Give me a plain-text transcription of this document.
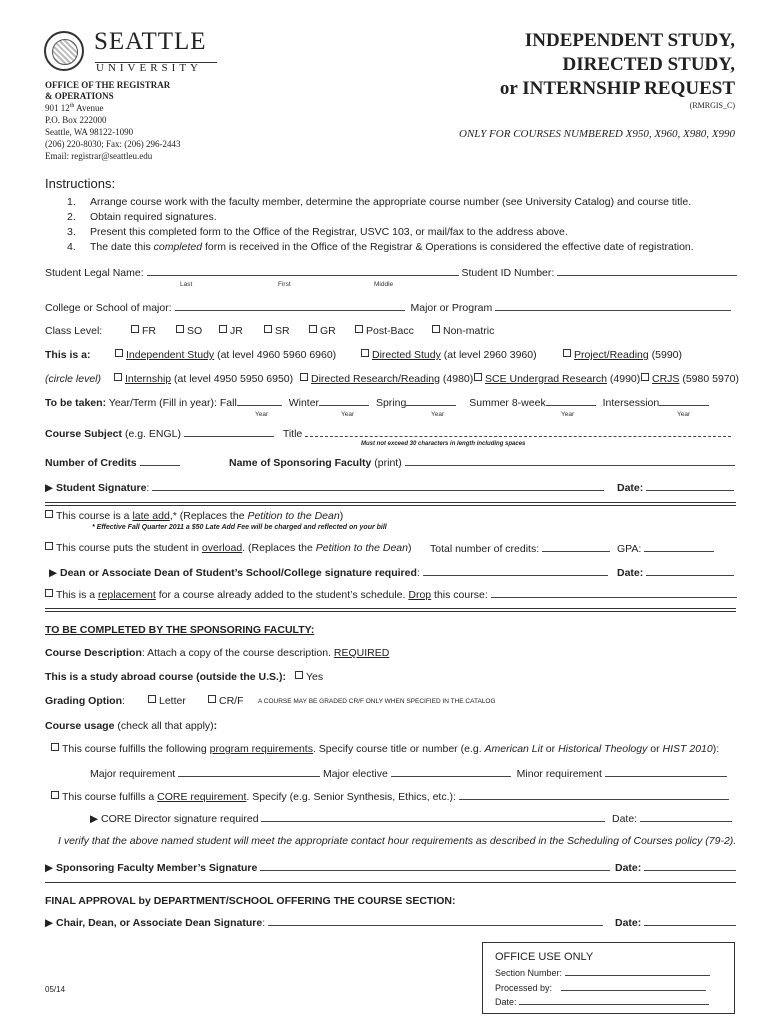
SEATTLE
UNIVERSITY
OFFICE OF THE REGISTRAR
& OPERATIONS
901 12th Avenue
P.O. Box 222000
Seattle, WA 98122-1090
(206) 220-8030; Fax: (206) 296-2443
Email: registrar@seattleu.edu
INDEPENDENT STUDY,
DIRECTED STUDY,
or INTERNSHIP REQUEST
(RMRGIS_C)
ONLY FOR COURSES NUMBERED X950, X960, X980, X990
Instructions:
1. Arrange course work with the faculty member, determine the appropriate course number (see University Catalog) and course title.
2. Obtain required signatures.
3. Present this completed form to the Office of the Registrar, USVC 103, or mail/fax to the address above.
4. The date this completed form is received in the Office of the Registrar & Operations is considered the effective date of registration.
Student Legal Name:	Student ID Number:
Last	First	Middle
College or School of major:	Major or Program
Class Level:	FR	SO	JR	SR	GR	Post-Bacc	Non-matric
This is a:	Independent Study (at level 4960 5960 6960)	Directed Study (at level 2960 3960)	Project/Reading (5990)
(circle level)	Internship (at level 4950 5950 6950)	Directed Research/Reading (4980)	SCE Undergrad Research (4990)	CRJS (5980 5970)
To be taken: Year/Term (Fill in year): Fall	Winter	Spring	Summer 8-week	Intersession
Year	Year	Year	Year	Year
Course Subject (e.g. ENGL)	Title
Must not exceed 30 characters in length including spaces
Number of Credits	Name of Sponsoring Faculty (print)
▶ Student Signature:	Date:
This course is a late add,* (Replaces the Petition to the Dean)
* Effective Fall Quarter 2011 a $50 Late Add Fee will be charged and reflected on your bill
This course puts the student in overload. (Replaces the Petition to the Dean) Total number of credits:	GPA:
▶ Dean or Associate Dean of Student’s School/College signature required:	Date:
This is a replacement for a course already added to the student’s schedule. Drop this course:
TO BE COMPLETED BY THE SPONSORING FACULTY:
Course Description: Attach a copy of the course description. REQUIRED
This is a study abroad course (outside the U.S.):	Yes
Grading Option:	Letter	CR/F A COURSE MAY BE GRADED CR/F ONLY WHEN SPECIFIED IN THE CATALOG
Course usage (check all that apply):
This course fulfills the following program requirements. Specify course title or number (e.g. American Lit or Historical Theology or HIST 2010):
Major requirement	Major elective	Minor requirement
This course fulfills a CORE requirement. Specify (e.g. Senior Synthesis, Ethics, etc.):
▶ CORE Director signature required	Date:
I verify that the above named student will meet the appropriate contact hour requirements as described in the Scheduling of Courses policy (79-2).
▶ Sponsoring Faculty Member’s Signature	Date:
FINAL APPROVAL by DEPARTMENT/SCHOOL OFFERING THE COURSE SECTION:
▶ Chair, Dean, or Associate Dean Signature:	Date:
OFFICE USE ONLY
Section Number:
Processed by:
Date:
05/14
